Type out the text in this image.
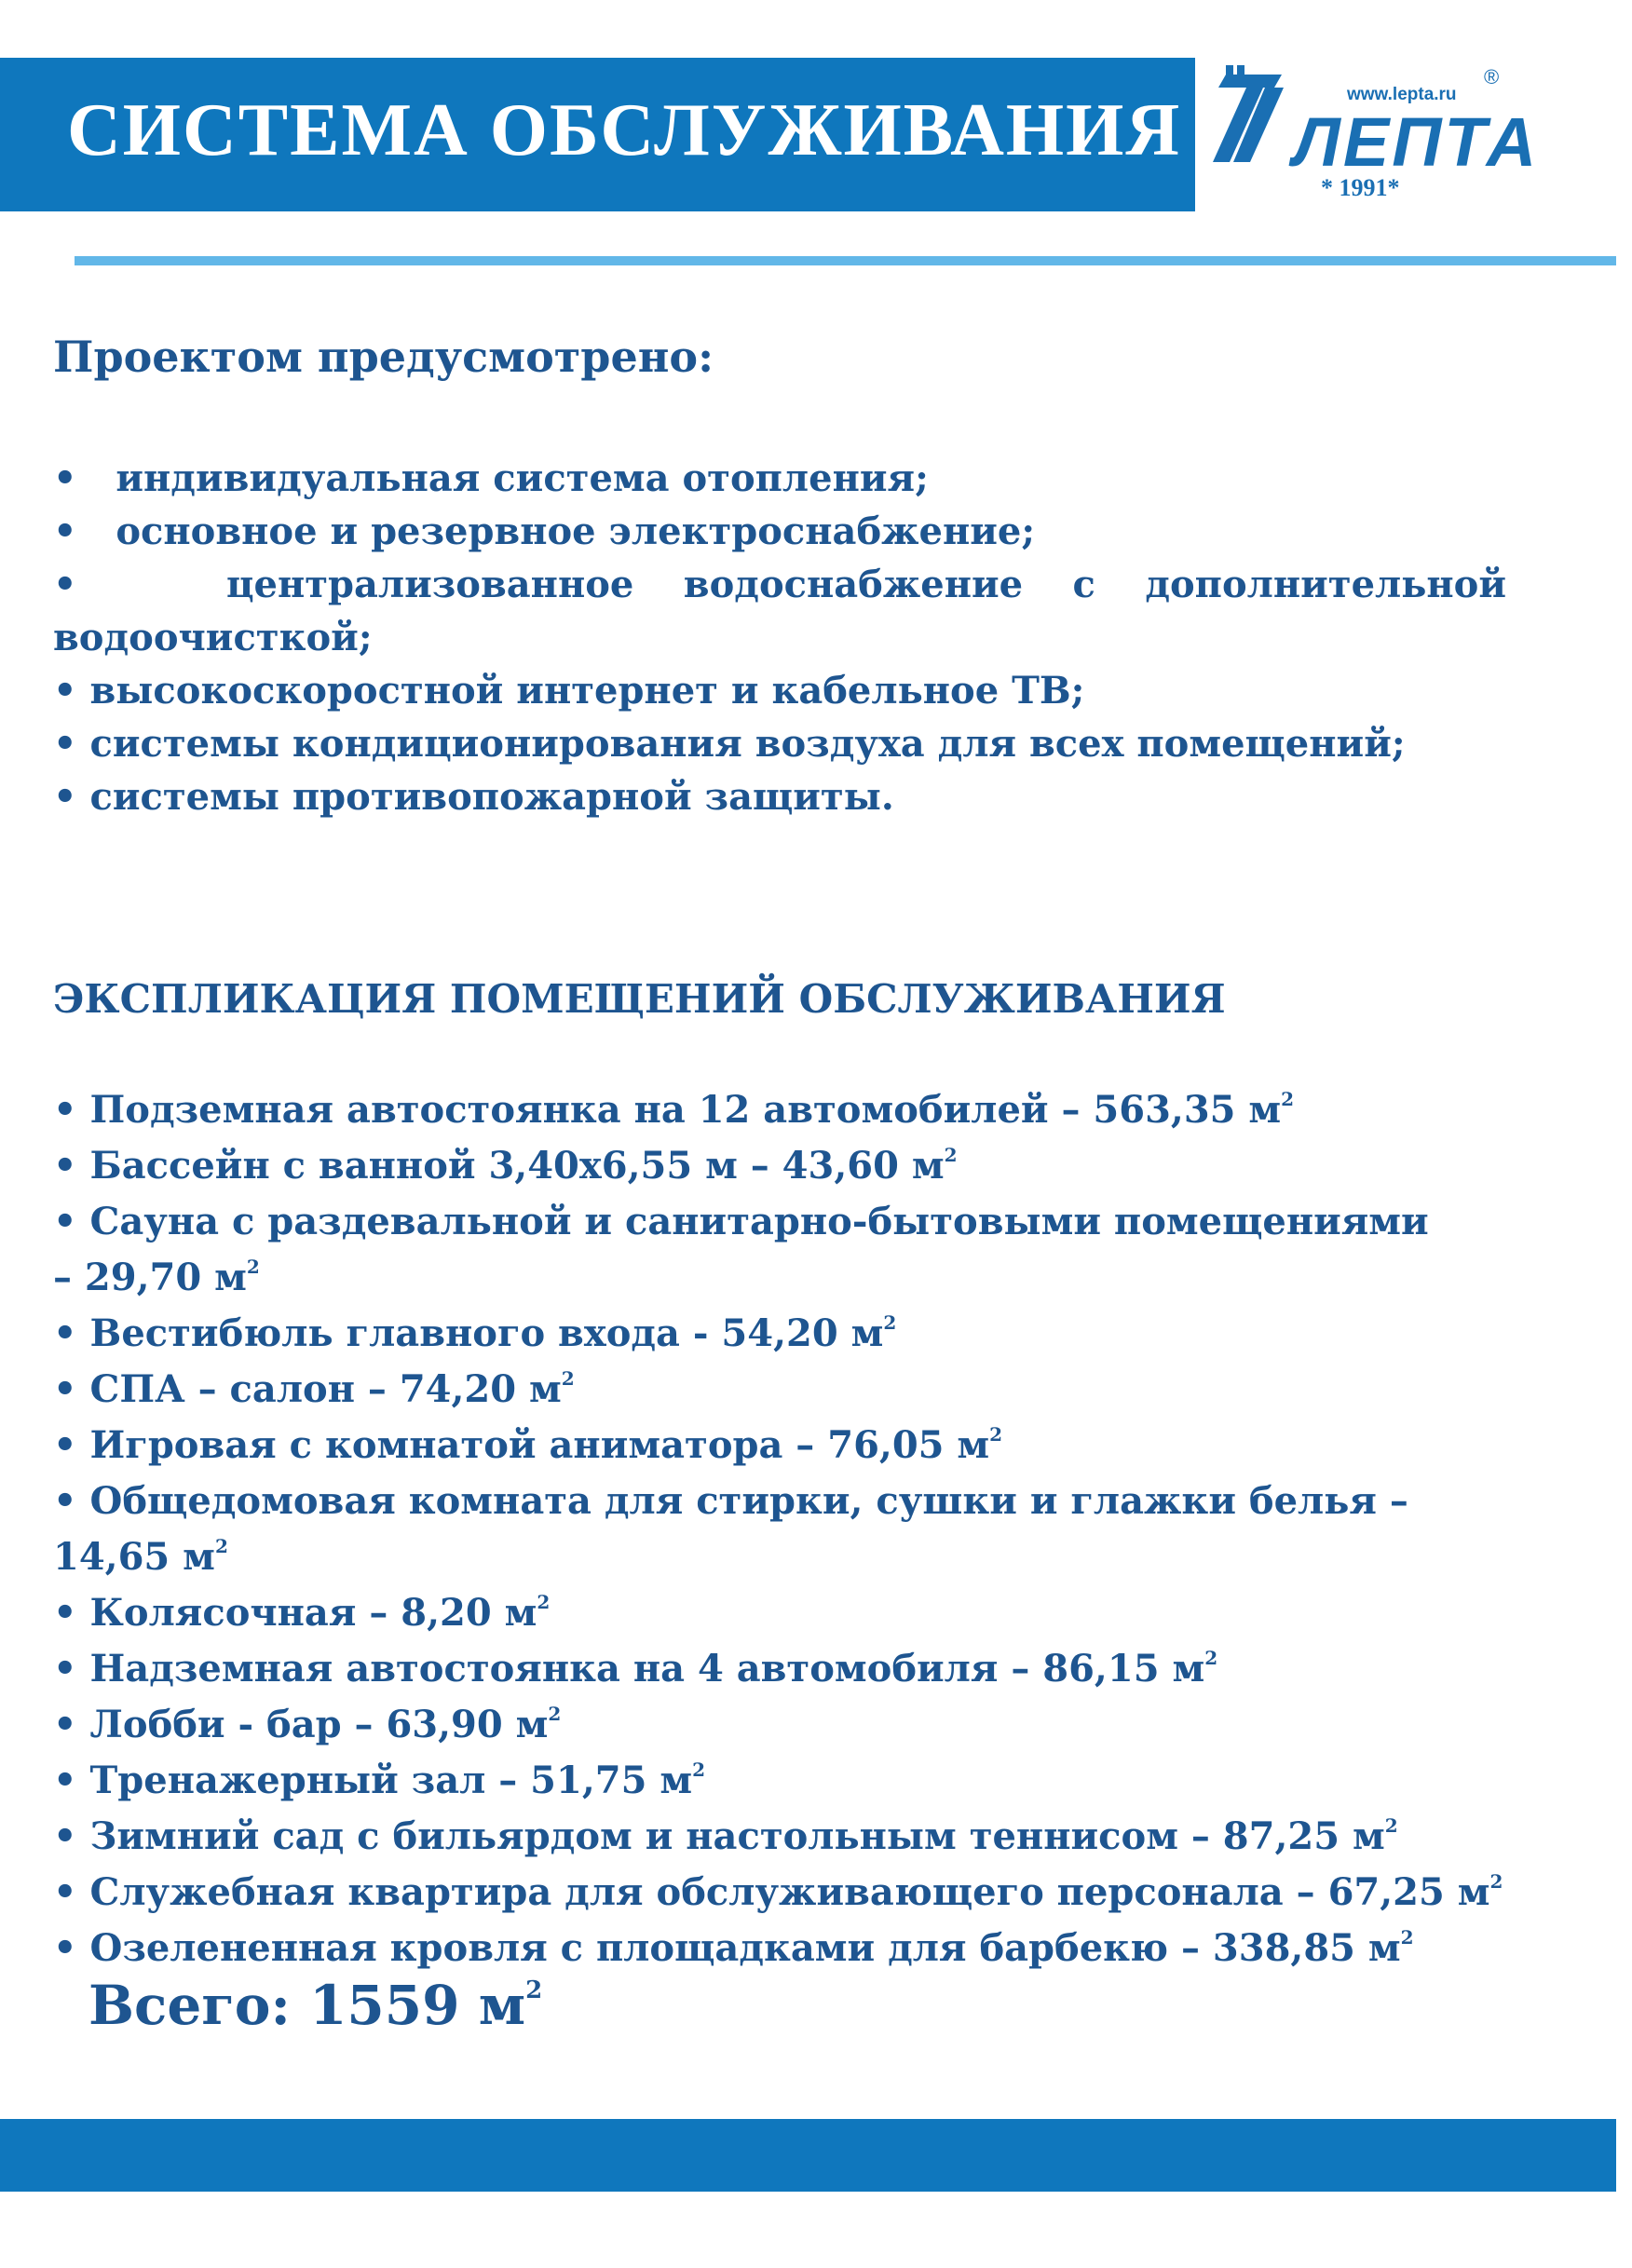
СИСТЕМА ОБСЛУЖИВАНИЯ	www.lepta.ru
®
ЛЕПТА
* 1991*
Проектом предусмотрено:
• индивидуальная система отопления;
• основное и резервное электроснабжение;
•	централизованное водоснабжение с дополнительной водоочисткой;
• высокоскоростной интернет и кабельное ТВ;
• системы кондиционирования воздуха для всех помещений;
• системы противопожарной защиты.
ЭКСПЛИКАЦИЯ ПОМЕЩЕНИЙ ОБСЛУЖИВАНИЯ
• Подземная автостоянка на 12 автомобилей – 563,35 $м^2$
• Бассейн с ванной 3,40х6,55 м – 43,60 $м^2$
• Сауна с раздевальной и санитарно-бытовыми помещениями – 29,70 $м^2$
• Вестибюль главного входа - 54,20 $м^2$
• СПА – салон – 74,20 $м^2$
• Игровая с комнатой аниматора – 76,05 $м^2$
• Общедомовая комната для стирки, сушки и глажки белья – 14,65 $м^2$
• Колясочная – 8,20 $м^2$
• Надземная автостоянка на 4 автомобиля – 86,15 $м^2$
• Лобби - бар – 63,90 $м^2$
• Тренажерный зал – 51,75 $м^2$
• Зимний сад с бильярдом и настольным теннисом – 87,25 $м^2$
• Служебная квартира для обслуживающего персонала – 67,25 $м^2$
• Озелененная кровля с площадками для барбекю – 338,85 $м^2$
Всего: 1559 $м^2$
